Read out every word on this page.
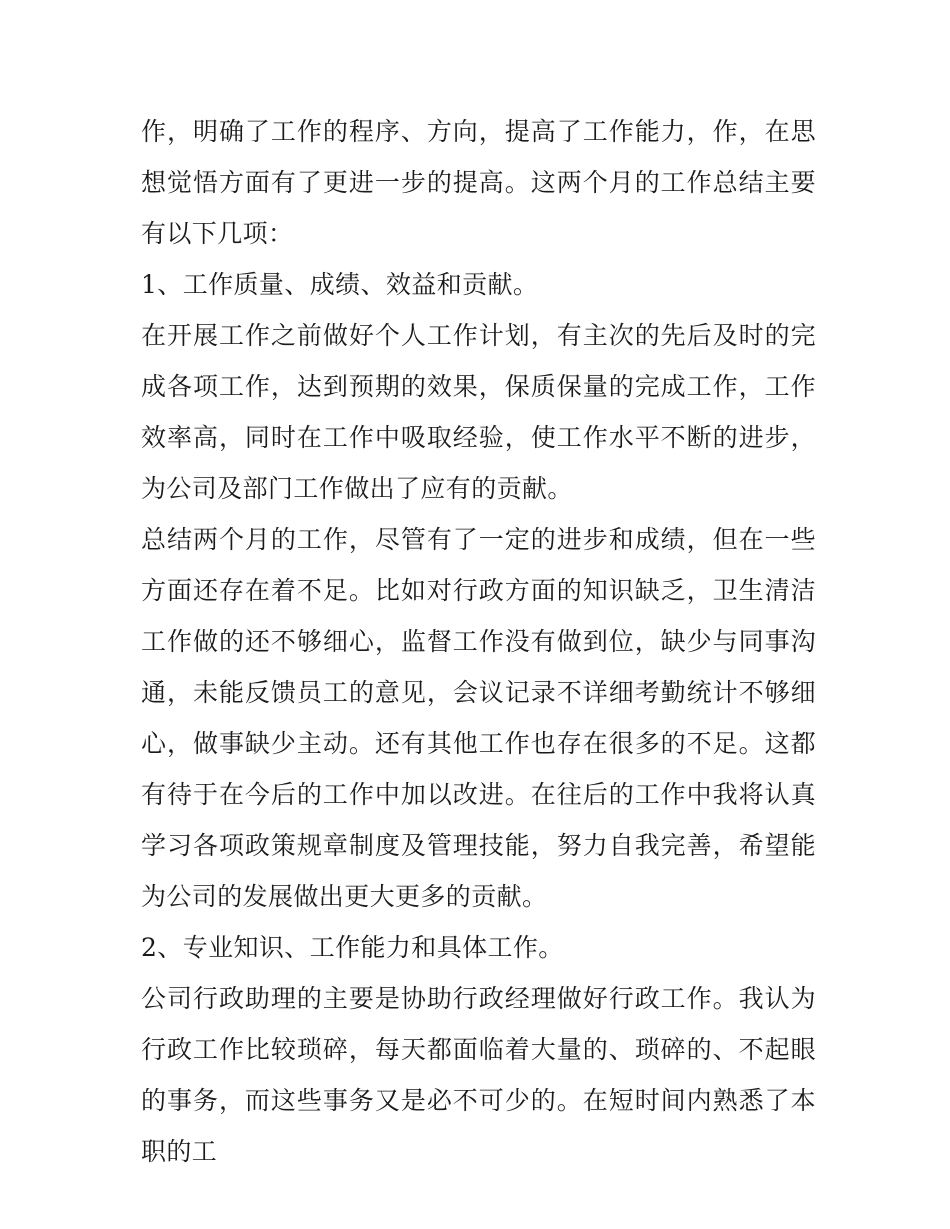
作，明确了工作的程序、方向，提高了工作能力，作，在思想觉悟方面有了更进一步的提高。这两个月的工作总结主要有以下几项：

1、工作质量、成绩、效益和贡献。

在开展工作之前做好个人工作计划，有主次的先后及时的完成各项工作，达到预期的效果，保质保量的完成工作，工作效率高，同时在工作中吸取经验，使工作水平不断的进步，为公司及部门工作做出了应有的贡献。

总结两个月的工作，尽管有了一定的进步和成绩，但在一些方面还存在着不足。比如对行政方面的知识缺乏，卫生清洁工作做的还不够细心，监督工作没有做到位，缺少与同事沟通，未能反馈员工的意见，会议记录不详细考勤统计不够细心，做事缺少主动。还有其他工作也存在很多的不足。这都有待于在今后的工作中加以改进。在往后的工作中我将认真学习各项政策规章制度及管理技能，努力自我完善，希望能为公司的发展做出更大更多的贡献。

2、专业知识、工作能力和具体工作。

公司行政助理的主要是协助行政经理做好行政工作。我认为行政工作比较琐碎，每天都面临着大量的、琐碎的、不起眼的事务，而这些事务又是必不可少的。在短时间内熟悉了本职的工
